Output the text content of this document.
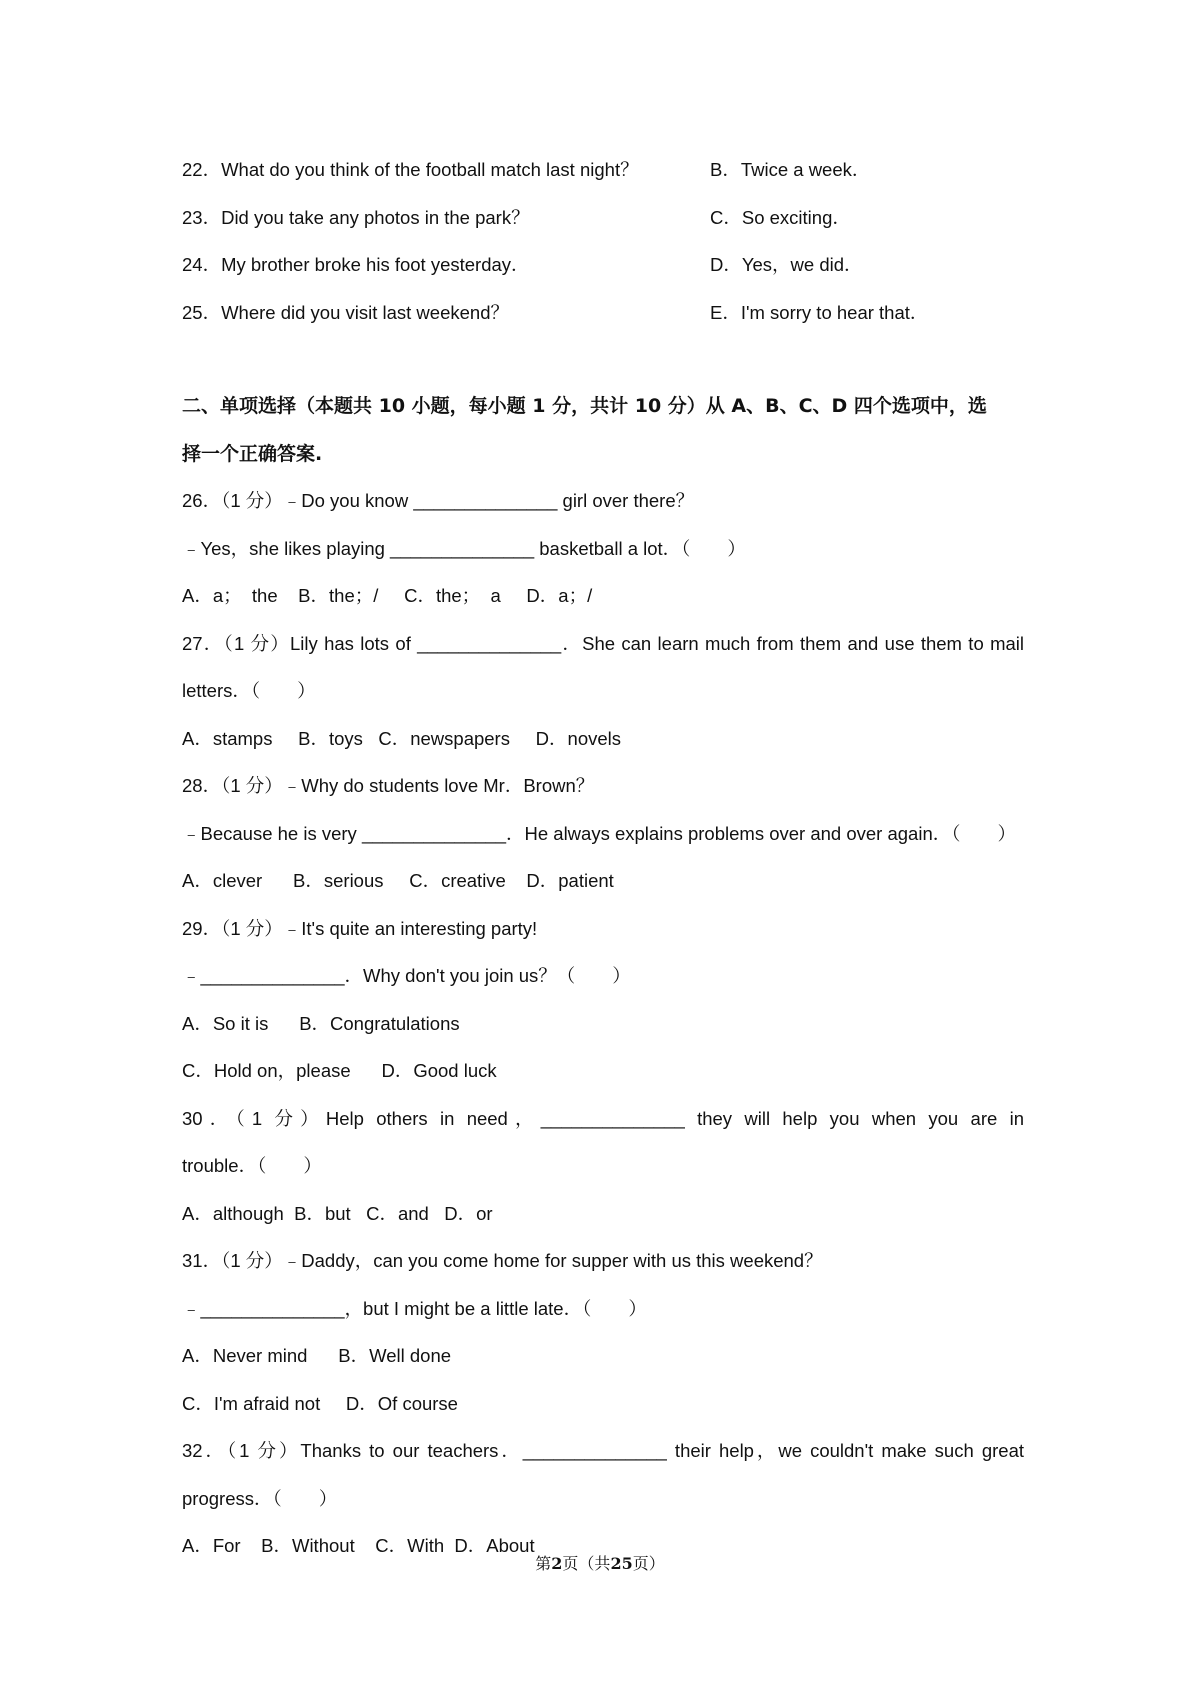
22．What do you think of the football match last night？	B．Twice a week．
23．Did you take any photos in the park？	C．So exciting．
24．My brother broke his foot yesterday．	D．Yes，we did．
25．Where did you visit last weekend？	E．I'm sorry to hear that．
二、单项选择（本题共 10 小题，每小题 1 分，共计 10 分）从 A、B、C、D 四个选项中，选
择一个正确答案.
26．（1 分）﹣Do you know ______________ girl over there？
﹣Yes，she likes playing ______________ basketball a lot．（　　）
A．a；  the    B．the；/     C．the；  a     D．a；/
27．（1 分）Lily has lots of ______________．She can learn much from them and use them to mail
letters．（　　）
A．stamps     B．toys   C．newspapers     D．novels
28．（1 分）﹣Why do students love Mr．Brown？
﹣Because he is very ______________．He always explains problems over and over again．（　　）
A．clever      B．serious     C．creative    D．patient
29．（1 分）﹣It's quite an interesting party!
﹣______________．Why don't you join us？（　　）
A．So it is      B．Congratulations
C．Hold on，please      D．Good luck
30．（1 分）Help others in need，______________ they will help you when you are in
trouble．（　　）
A．although  B．but   C．and   D．or
31．（1 分）﹣Daddy，can you come home for supper with us this weekend？
﹣______________，but I might be a little late．（　　）
A．Never mind      B．Well done
C．I'm afraid not     D．Of course
32．（1 分）Thanks to our teachers．______________ their help，we couldn't make such great
progress．（　　）
A．For    B．Without    C．With  D．About
第2页（共25页）
